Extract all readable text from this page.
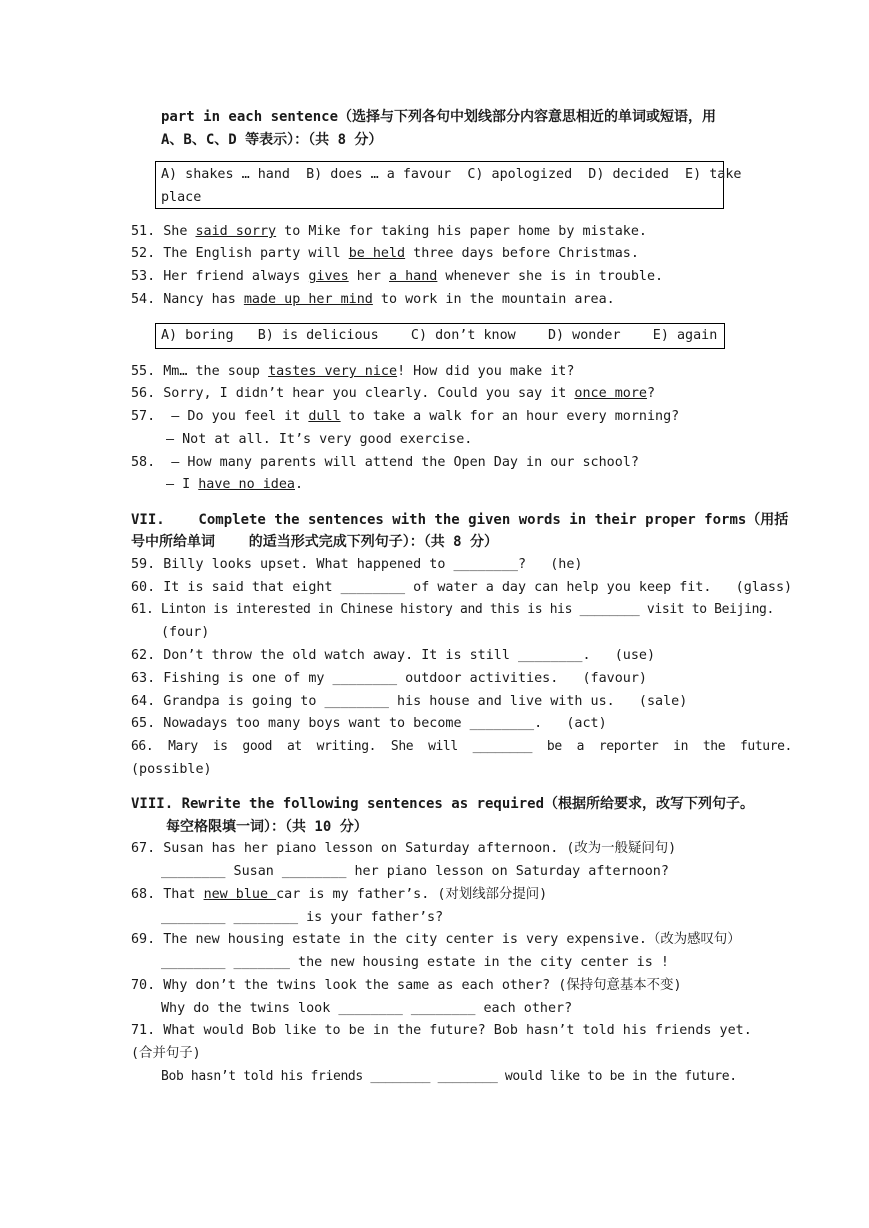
part in each sentence（选择与下列各句中划线部分内容意思相近的单词或短语，用
A、B、C、D 等表示）：（共 8 分）
A) shakes … hand  B) does … a favour  C) apologized  D) decided  E) take
place
51. She said sorry to Mike for taking his paper home by mistake.
52. The English party will be held three days before Christmas.
53. Her friend always gives her a hand whenever she is in trouble.
54. Nancy has made up her mind to work in the mountain area.
A) boring   B) is delicious    C) don’t know    D) wonder    E) again
55. Mm… the soup tastes very nice! How did you make it?
56. Sorry, I didn’t hear you clearly. Could you say it once more?
57.  – Do you feel it dull to take a walk for an hour every morning?
– Not at all. It’s very good exercise.
58.  – How many parents will attend the Open Day in our school?
– I have no idea.
VII.    Complete the sentences with the given words in their proper forms（用括
号中所给单词    的适当形式完成下列句子）：（共 8 分）
59. Billy looks upset. What happened to ________?   (he)
60. It is said that eight ________ of water a day can help you keep fit.   (glass)
61. Linton is interested in Chinese history and this is his ________ visit to Beijing.
(four)
62. Don’t throw the old watch away. It is still ________.   (use)
63. Fishing is one of my ________ outdoor activities.   (favour)
64. Grandpa is going to ________ his house and live with us.   (sale)
65. Nowadays too many boys want to become ________.   (act)
66.  Mary  is  good  at  writing.  She  will  ________  be  a  reporter  in  the  future.
(possible)
VIII. Rewrite the following sentences as required（根据所给要求，改写下列句子。
每空格限填一词）：（共 10 分）
67. Susan has her piano lesson on Saturday afternoon. (改为一般疑问句)
________ Susan ________ her piano lesson on Saturday afternoon?
68. That new blue car is my father’s. (对划线部分提问)
________ ________ is your father’s?
69. The new housing estate in the city center is very expensive.（改为感叹句）
________ _______ the new housing estate in the city center is !
70. Why don’t the twins look the same as each other? (保持句意基本不变)
Why do the twins look ________ ________ each other?
71. What would Bob like to be in the future? Bob hasn’t told his friends yet.
(合并句子)
Bob hasn’t told his friends ________ ________ would like to be in the future.
